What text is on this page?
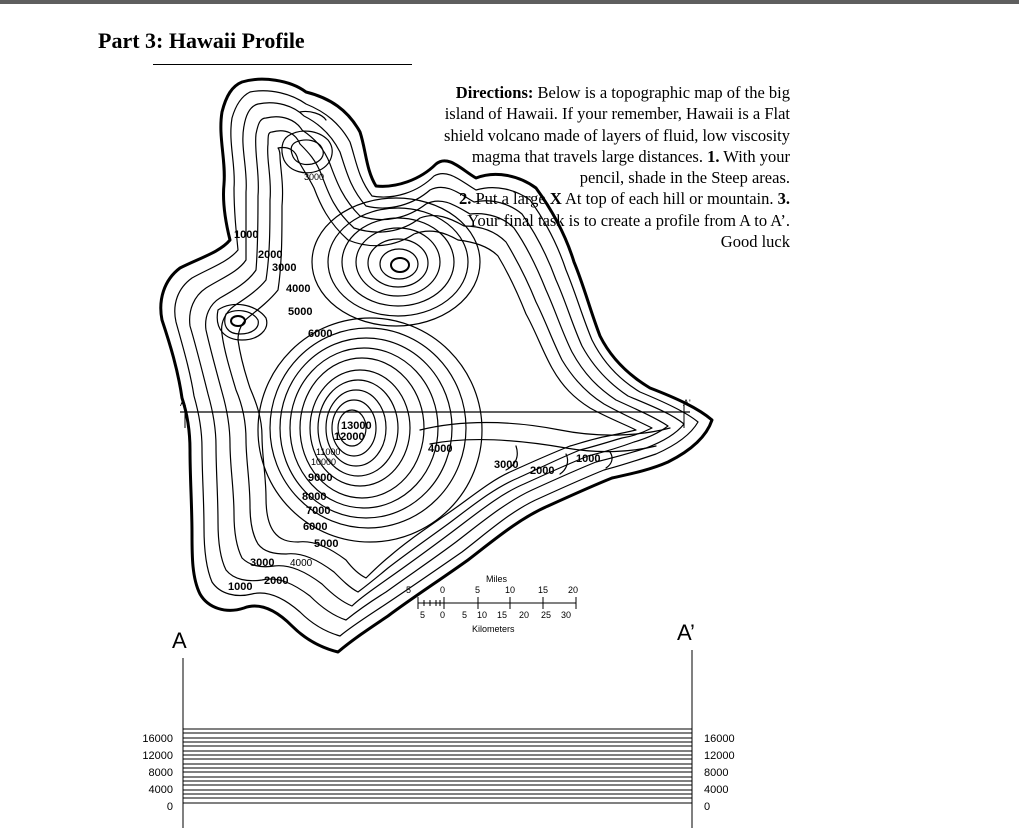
Part 3: Hawaii Profile

Directions: Below is a topographic map of the big island of Hawaii. If your remember, Hawaii is a Flat shield volcano made of layers of fluid, low viscosity magma that travels large distances. 1. With your pencil, shade in the Steep areas.
2. Put a large X At top of each hill or mountain. 3. Your final task is to create a profile from A to A’. Good luck

A	A'
3000
1000
2000
3000
4000
5000
6000
13000
12000
11000
10000
9000
8000
7000
6000
5000
3000 4000
2000
1000
4000
3000 2000
1000
Miles
5	0	5	10	15 20
5 0 5 10 15 20 25 30
Kilometers
A	A’
16000
12000
8000
4000
0
16000
12000
8000
4000
0
